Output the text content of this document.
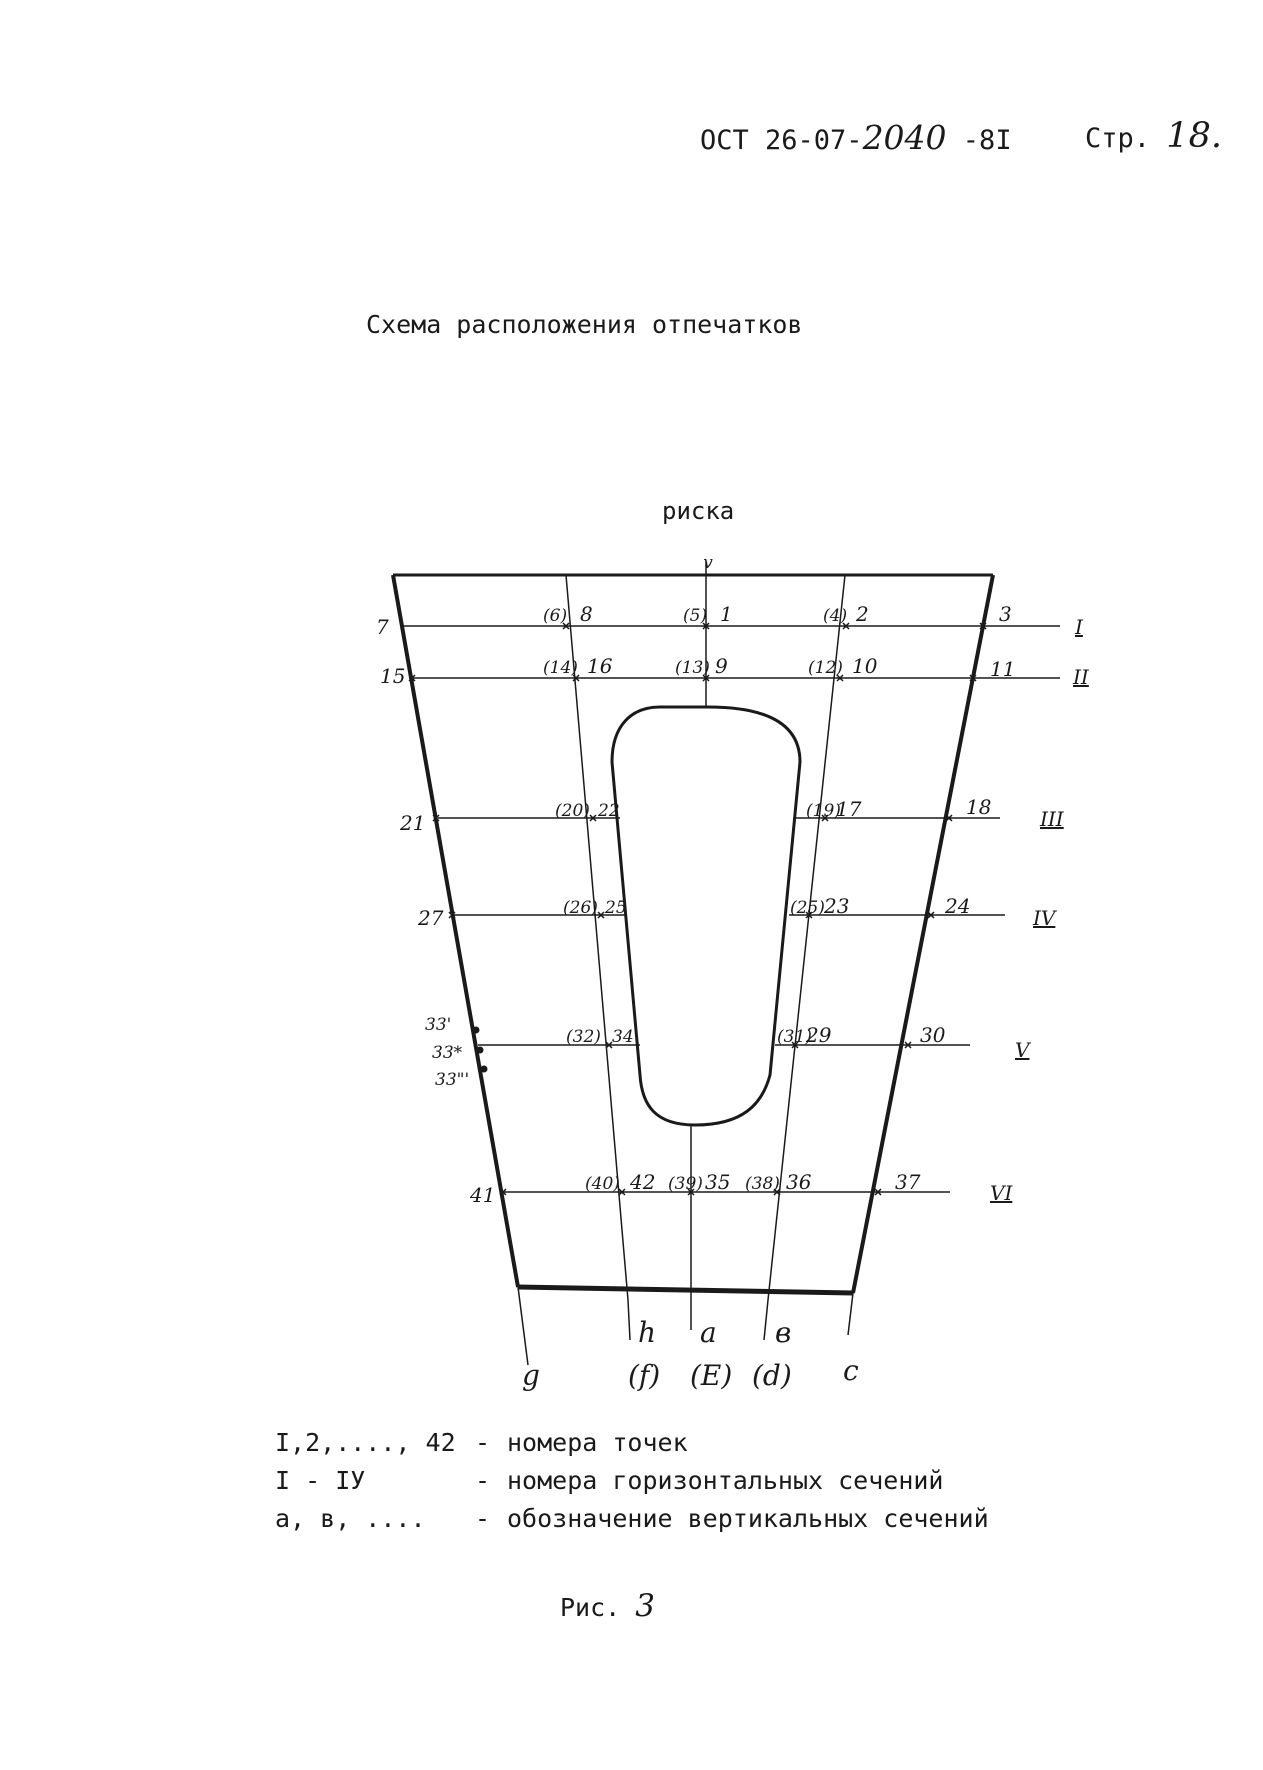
ОСТ 26-07-2040 -8I	Стр. 18.
Схема расположения отпечатков
риска
v
7	(6) 8	(5) 1	(4) 2	3
I
15	(14) 16	(13) 9	(12) 10	11	II
21	(20) 22	(19)
17	18 III
27	(26) 25	(25) 23	24	IV
33'
33*
33"'
(32) 34	(31)
29	30
V
41	(40) 42 (39) 35 (38) 36	37	VI
h a в
g	(f) (E) (d) c
I,2,...., 42 - номера точек
I - IУ	- номера горизонтальных сечений
а, в, .... - обозначение вертикальных сечений
Рис. 3
